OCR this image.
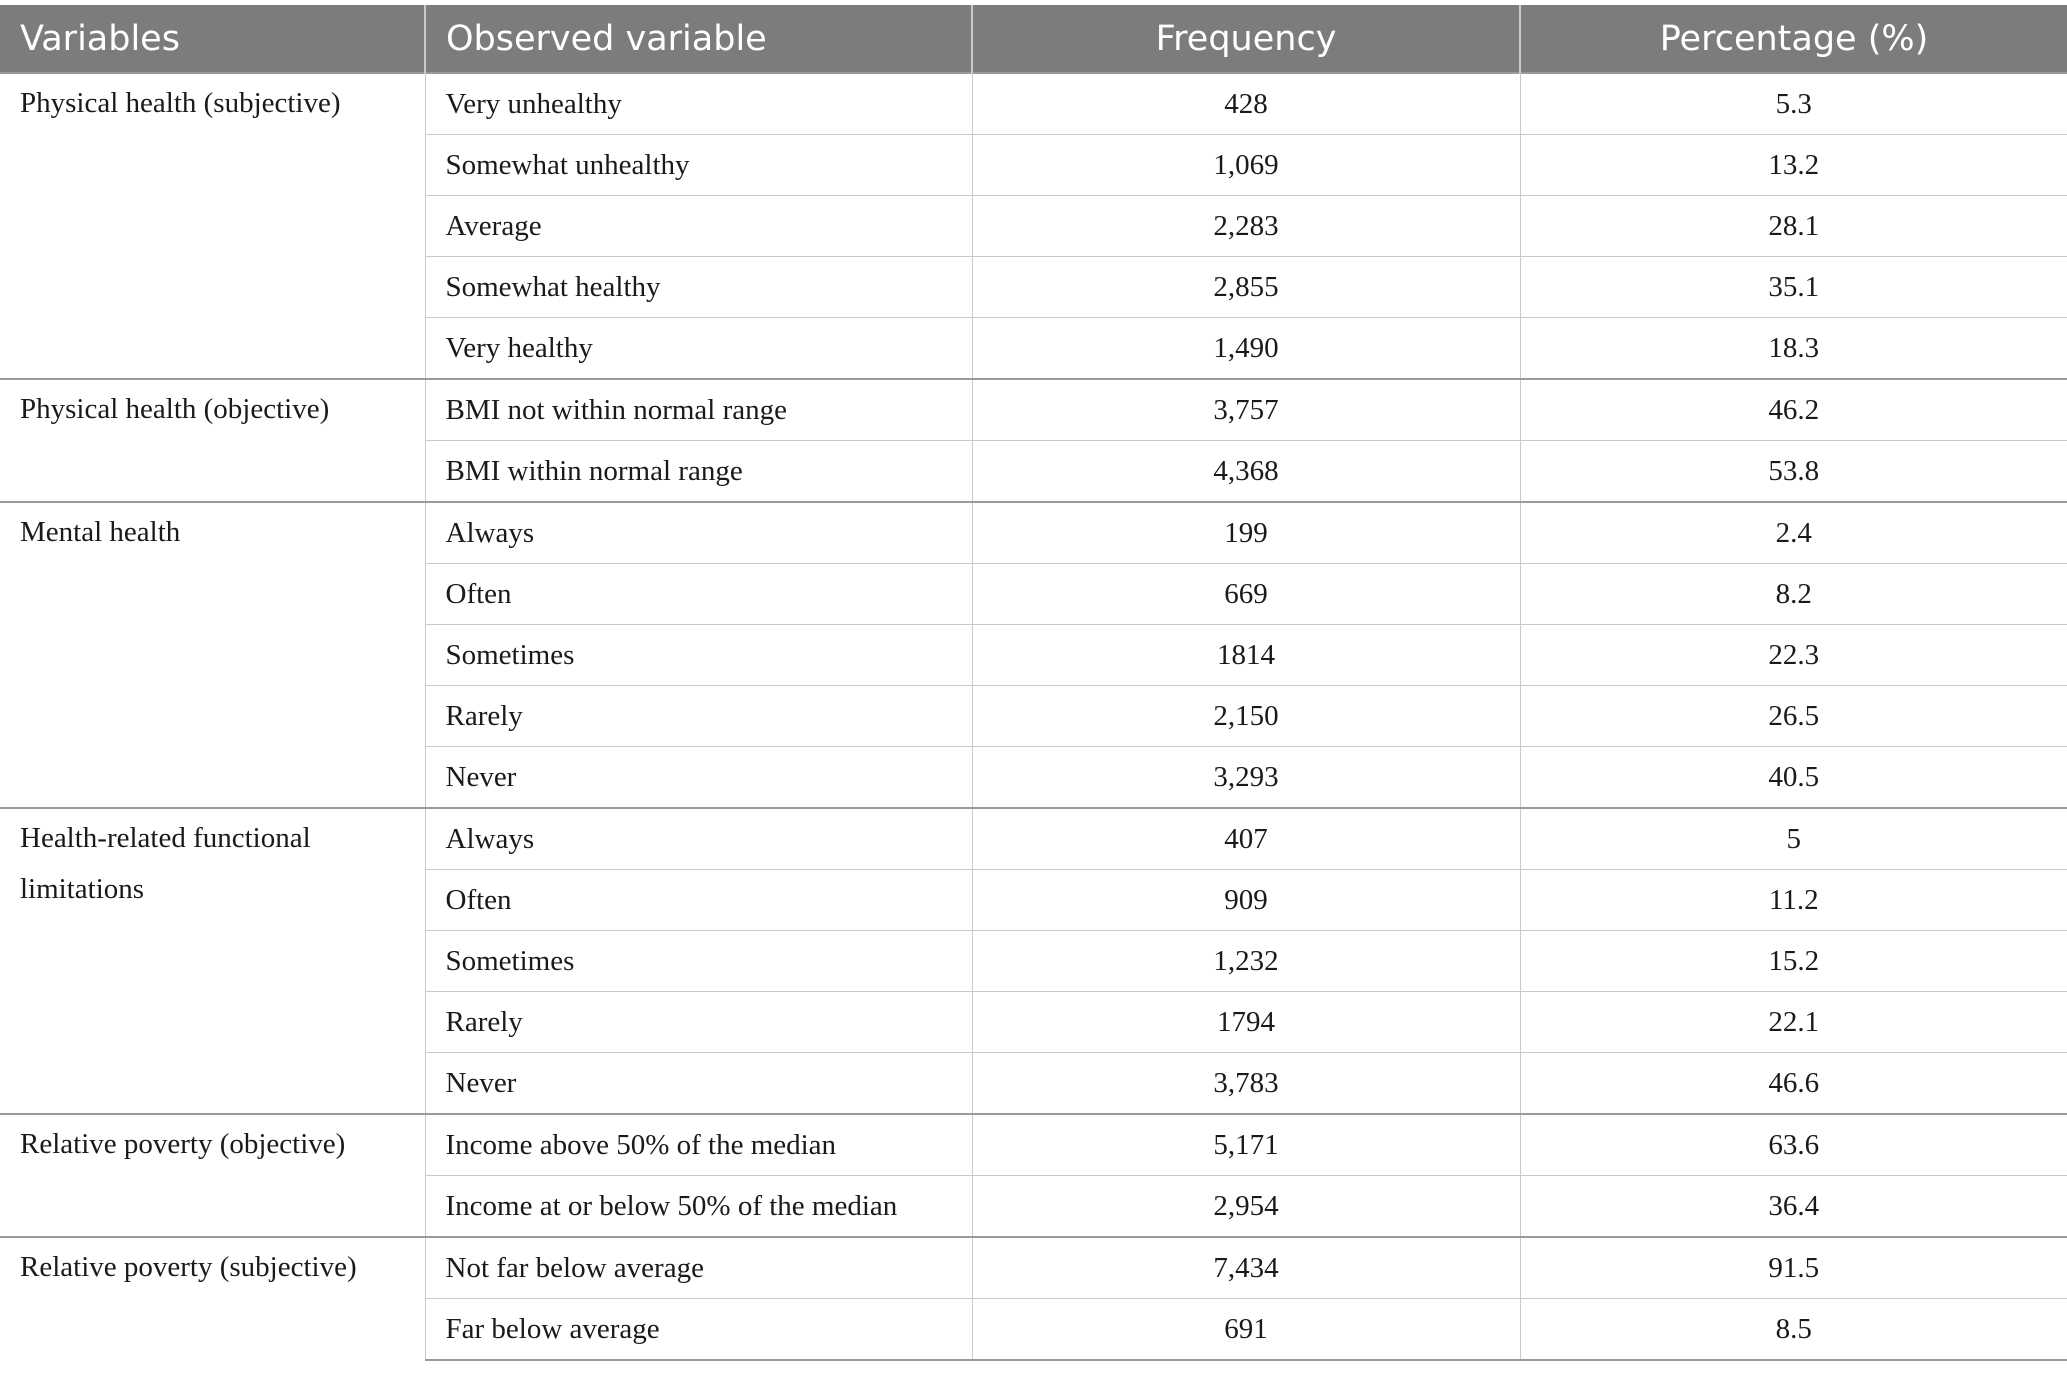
Variables	Observed variable	Frequency	Percentage (%)
Physical health (subjective)	Very unhealthy	428	5.3
	Somewhat unhealthy	1,069	13.2
	Average	2,283	28.1
	Somewhat healthy	2,855	35.1
	Very healthy	1,490	18.3
Physical health (objective)	BMI not within normal range	3,757	46.2
	BMI within normal range	4,368	53.8
Mental health	Always	199	2.4
	Often	669	8.2
	Sometimes	1814	22.3
	Rarely	2,150	26.5
	Never	3,293	40.5
Health-related functional limitations	Always	407	5
	Often	909	11.2
	Sometimes	1,232	15.2
	Rarely	1794	22.1
	Never	3,783	46.6
Relative poverty (objective)	Income above 50% of the median	5,171	63.6
	Income at or below 50% of the median	2,954	36.4
Relative poverty (subjective)	Not far below average	7,434	91.5
	Far below average	691	8.5
